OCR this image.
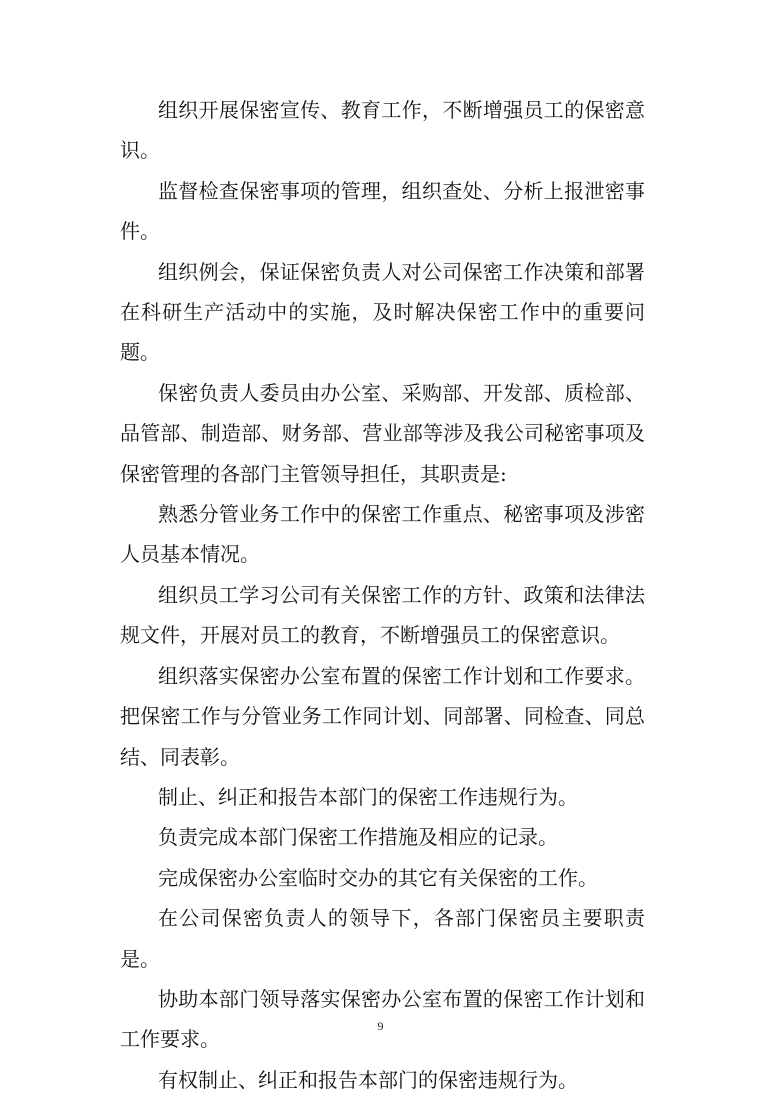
组织开展保密宣传、教育工作，不断增强员工的保密意识。

监督检查保密事项的管理，组织查处、分析上报泄密事件。

组织例会，保证保密负责人对公司保密工作决策和部署在科研生产活动中的实施，及时解决保密工作中的重要问题。

保密负责人委员由办公室、采购部、开发部、质检部、品管部、制造部、财务部、营业部等涉及我公司秘密事项及保密管理的各部门主管领导担任，其职责是:

熟悉分管业务工作中的保密工作重点、秘密事项及涉密人员基本情况。

组织员工学习公司有关保密工作的方针、政策和法律法规文件，开展对员工的教育，不断增强员工的保密意识。

组织落实保密办公室布置的保密工作计划和工作要求。把保密工作与分管业务工作同计划、同部署、同检查、同总结、同表彰。

制止、纠正和报告本部门的保密工作违规行为。

负责完成本部门保密工作措施及相应的记录。

完成保密办公室临时交办的其它有关保密的工作。

在公司保密负责人的领导下，各部门保密员主要职责是。

协助本部门领导落实保密办公室布置的保密工作计划和工作要求。

有权制止、纠正和报告本部门的保密违规行为。

9
